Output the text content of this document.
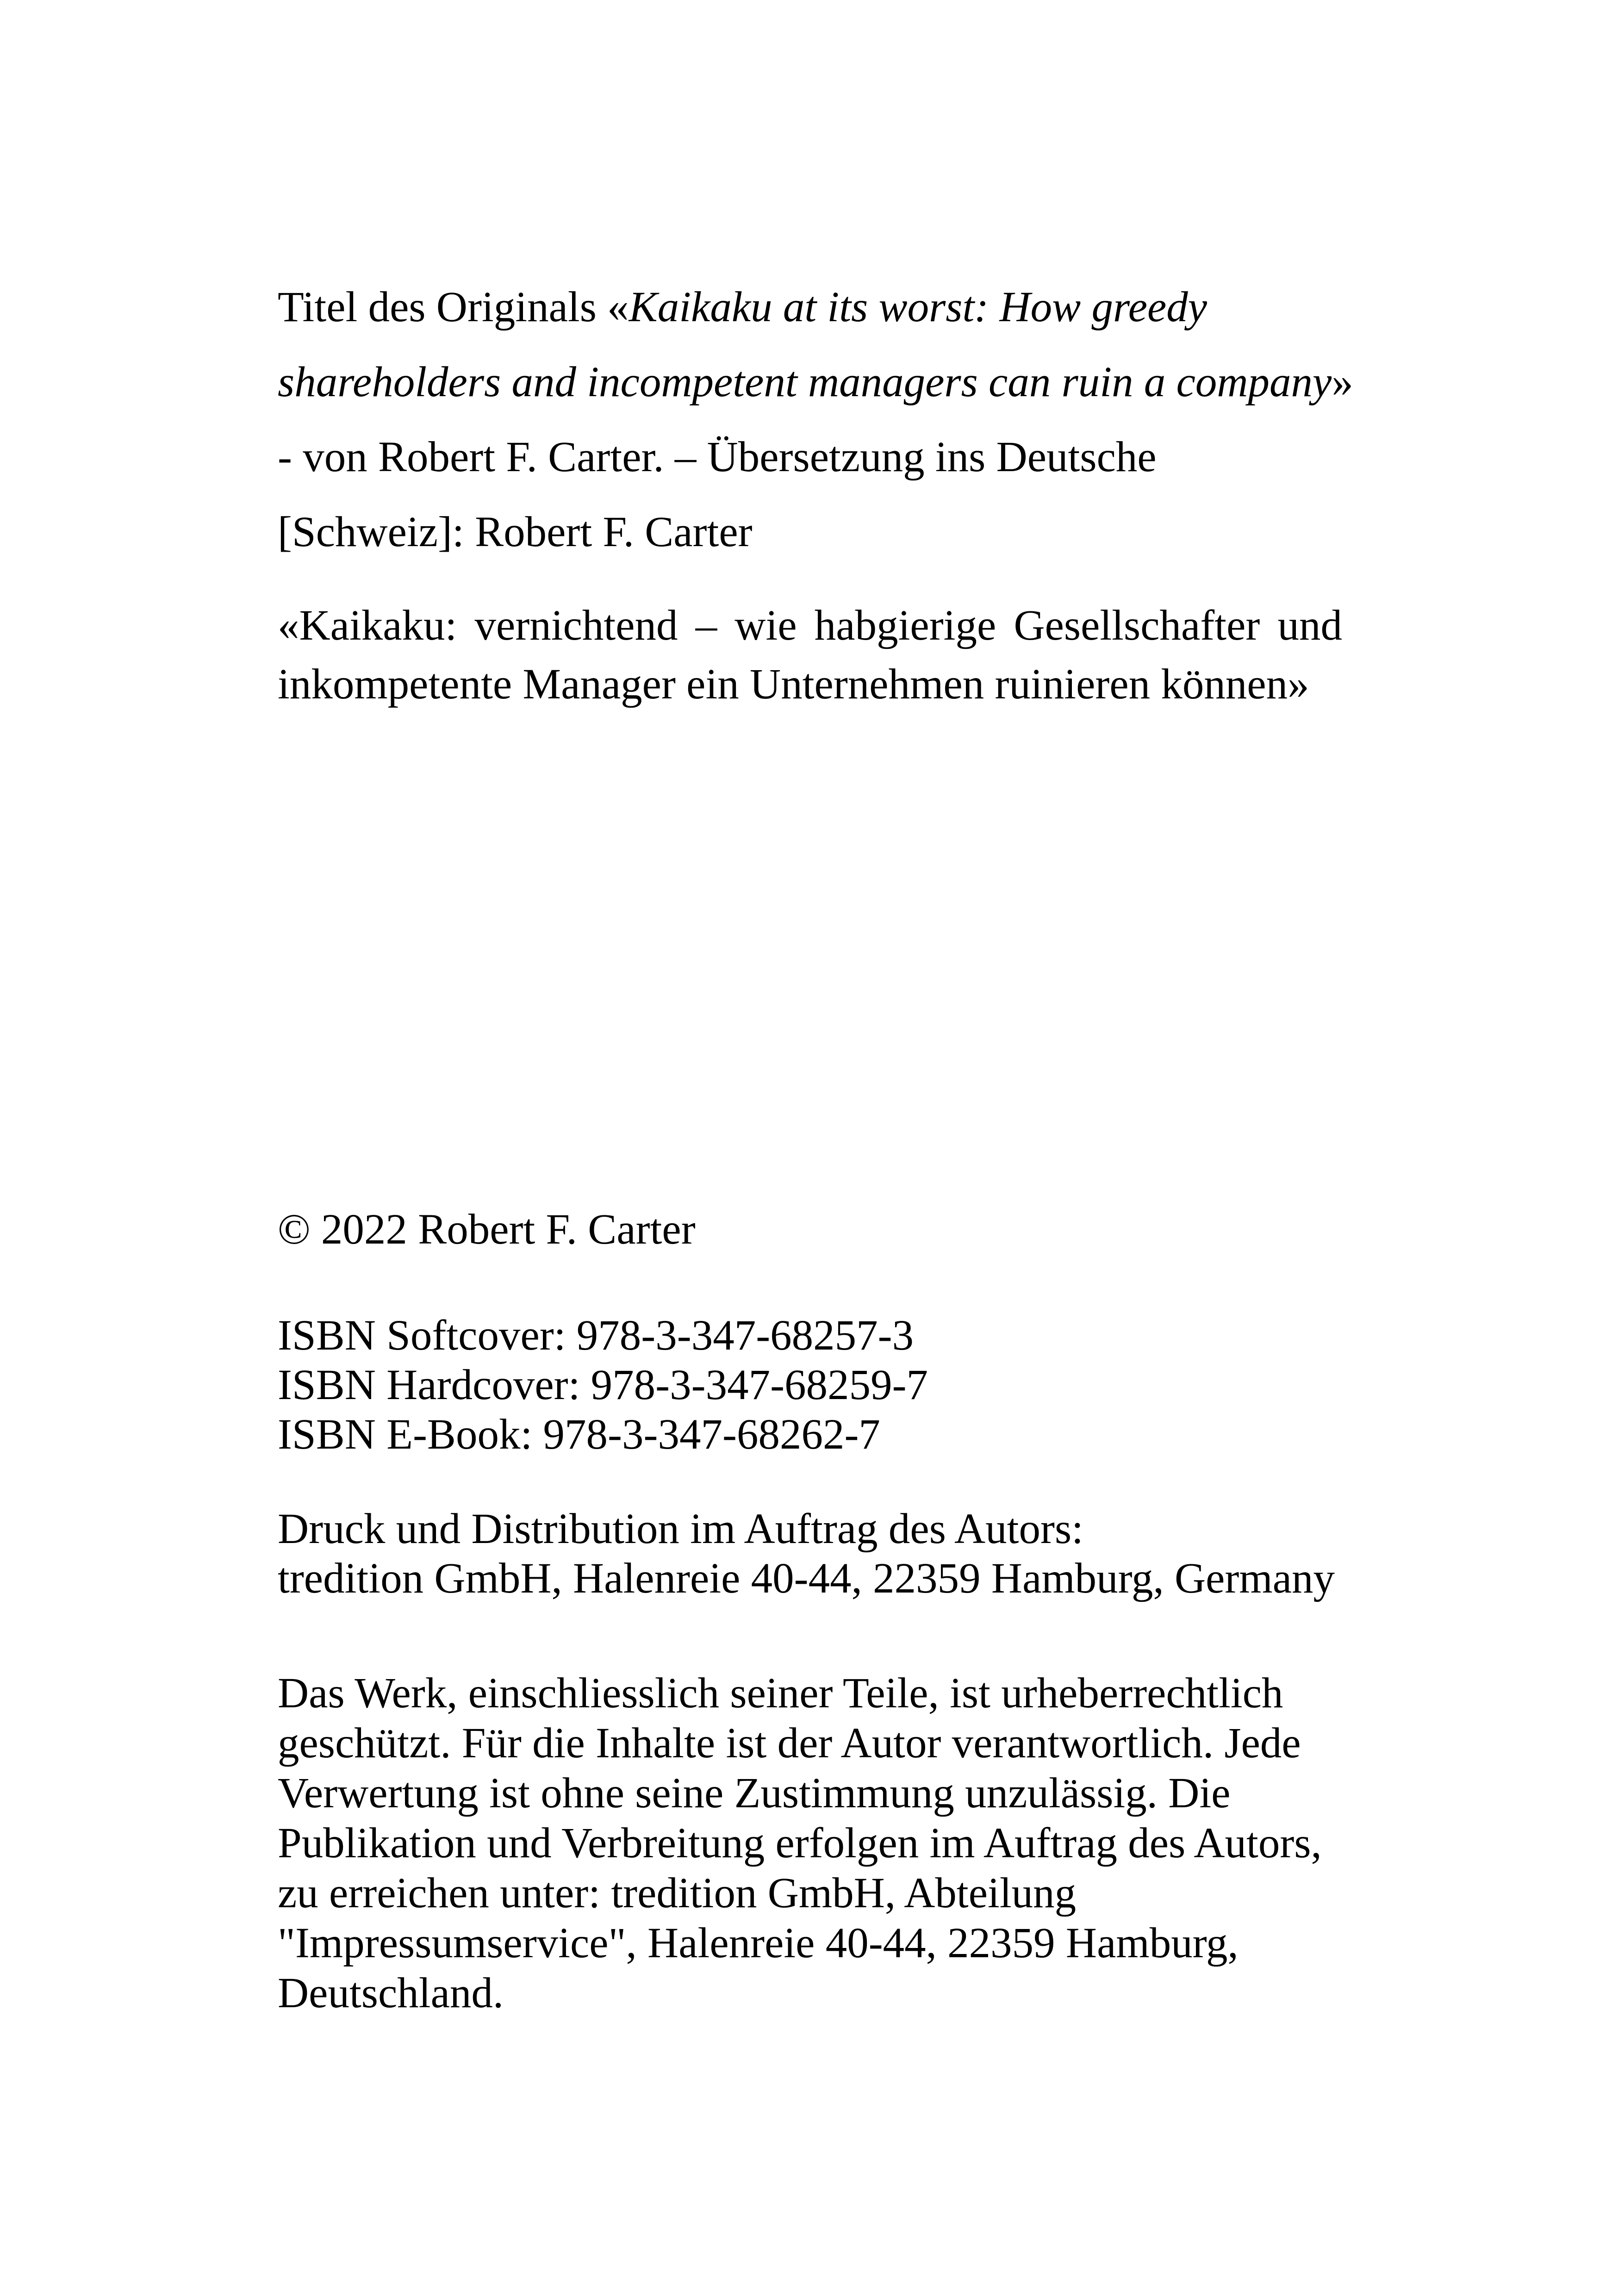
Titel des Originals «Kaikaku at its worst: How greedy
shareholders and incompetent managers can ruin a company»
- von Robert F. Carter. – Übersetzung ins Deutsche
[Schweiz]: Robert F. Carter

«Kaikaku: vernichtend – wie habgierige Gesellschafter und inkompetente Manager ein Unternehmen ruinieren können»

© 2022 Robert F. Carter
ISBN Softcover: 978-3-347-68257-3
ISBN Hardcover: 978-3-347-68259-7
ISBN E-Book: 978-3-347-68262-7
Druck und Distribution im Auftrag des Autors:
tredition GmbH, Halenreie 40-44, 22359 Hamburg, Germany
Das Werk, einschliesslich seiner Teile, ist urheberrechtlich
geschützt. Für die Inhalte ist der Autor verantwortlich. Jede
Verwertung ist ohne seine Zustimmung unzulässig. Die
Publikation und Verbreitung erfolgen im Auftrag des Autors,
zu erreichen unter: tredition GmbH, Abteilung
"Impressumservice", Halenreie 40-44, 22359 Hamburg,
Deutschland.
